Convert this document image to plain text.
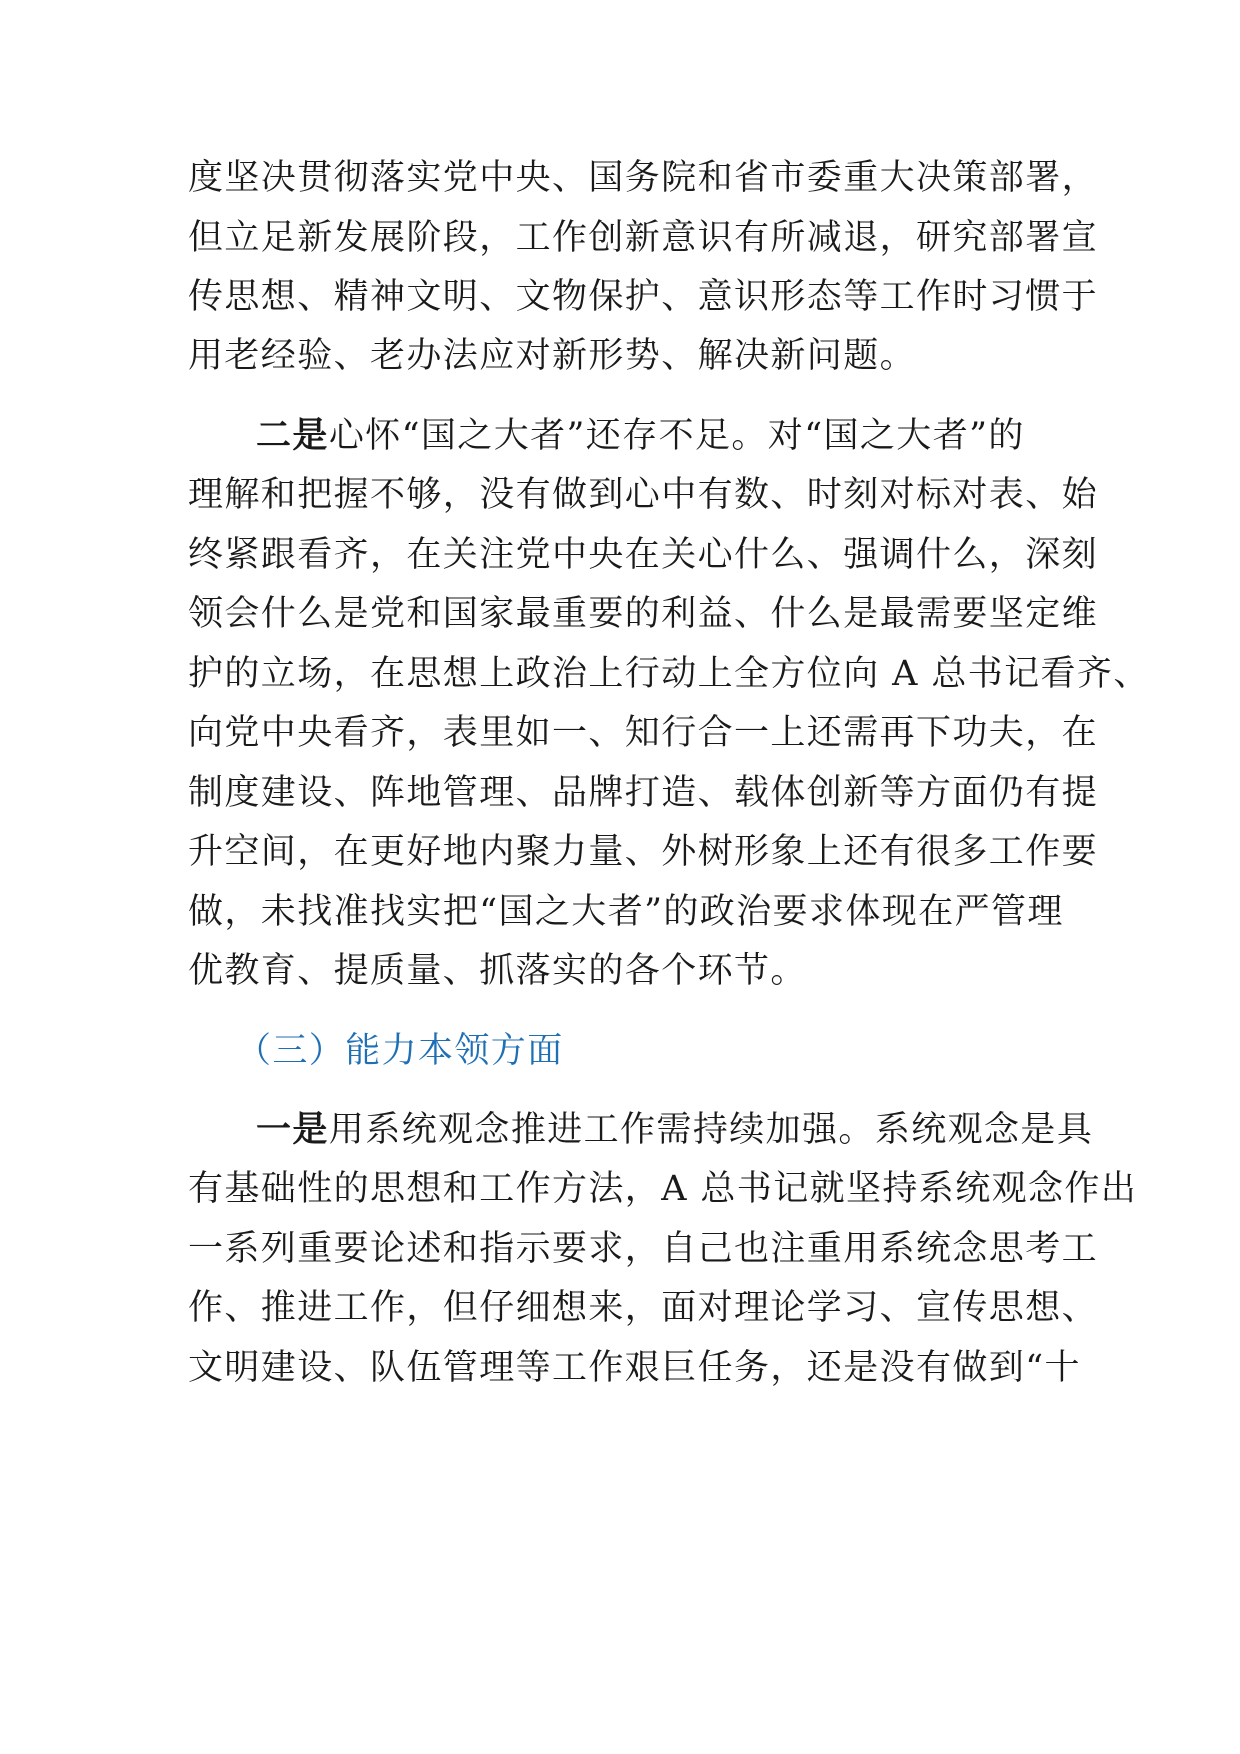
度坚决贯彻落实党中央、国务院和省市委重大决策部署，
但立足新发展阶段，工作创新意识有所减退，研究部署宣
传思想、精神文明、文物保护、意识形态等工作时习惯于
用老经验、老办法应对新形势、解决新问题。
二是心怀“国之大者”还存不足。对“国之大者”的
理解和把握不够，没有做到心中有数、时刻对标对表、始
终紧跟看齐，在关注党中央在关心什么、强调什么，深刻
领会什么是党和国家最重要的利益、什么是最需要坚定维
护的立场，在思想上政治上行动上全方位向 A 总书记看齐、
向党中央看齐，表里如一、知行合一上还需再下功夫，在
制度建设、阵地管理、品牌打造、载体创新等方面仍有提
升空间，在更好地内聚力量、外树形象上还有很多工作要
做，未找准找实把“国之大者”的政治要求体现在严管理
优教育、提质量、抓落实的各个环节。
（三）能力本领方面
一是用系统观念推进工作需持续加强。系统观念是具
有基础性的思想和工作方法，A 总书记就坚持系统观念作出
一系列重要论述和指示要求，自己也注重用系统念思考工
作、推进工作，但仔细想来，面对理论学习、宣传思想、
文明建设、队伍管理等工作艰巨任务，还是没有做到“十
